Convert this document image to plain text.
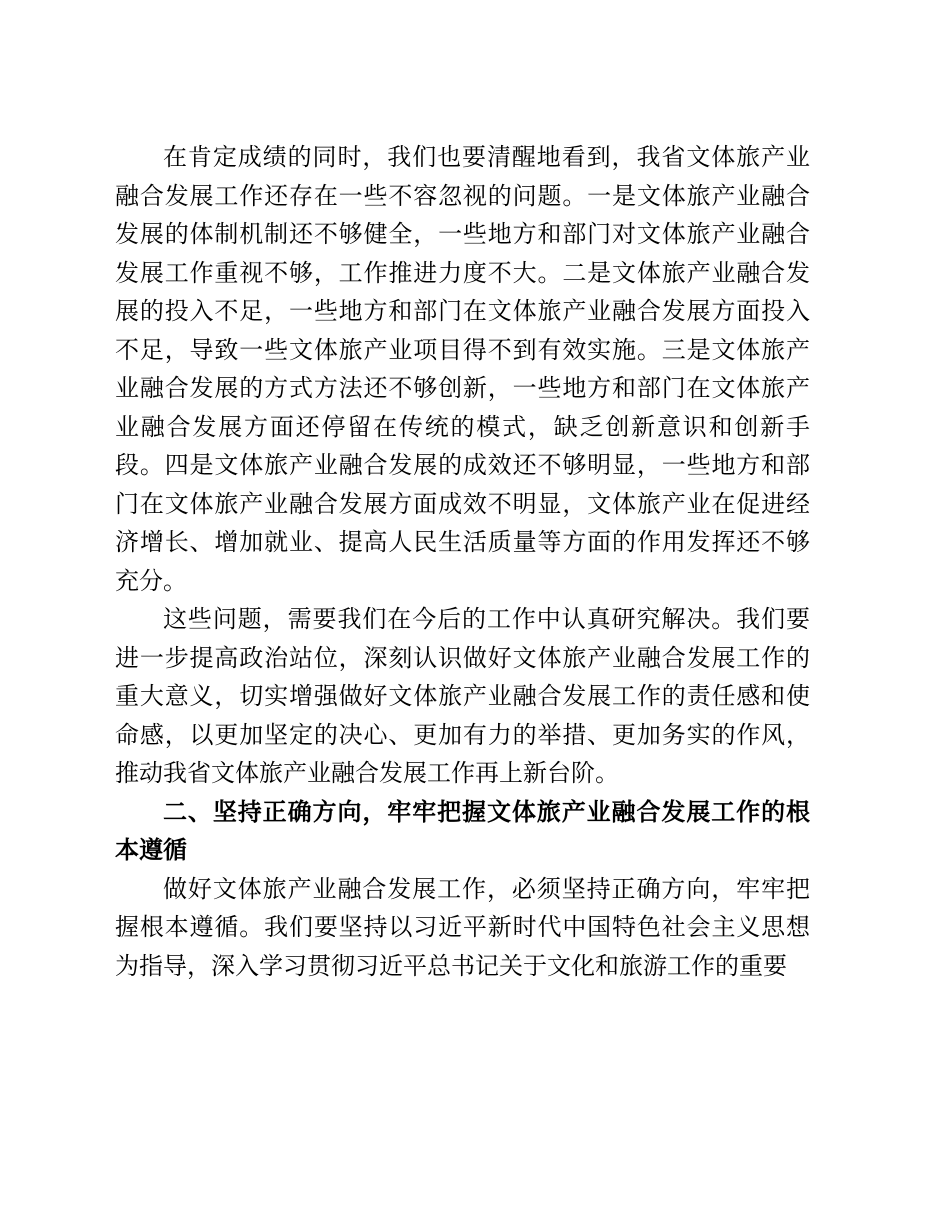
在肯定成绩的同时，我们也要清醒地看到，我省文体旅产业融合发展工作还存在一些不容忽视的问题。一是文体旅产业融合发展的体制机制还不够健全，一些地方和部门对文体旅产业融合发展工作重视不够，工作推进力度不大。二是文体旅产业融合发展的投入不足，一些地方和部门在文体旅产业融合发展方面投入不足，导致一些文体旅产业项目得不到有效实施。三是文体旅产业融合发展的方式方法还不够创新，一些地方和部门在文体旅产业融合发展方面还停留在传统的模式，缺乏创新意识和创新手段。四是文体旅产业融合发展的成效还不够明显，一些地方和部门在文体旅产业融合发展方面成效不明显，文体旅产业在促进经济增长、增加就业、提高人民生活质量等方面的作用发挥还不够充分。

这些问题，需要我们在今后的工作中认真研究解决。我们要进一步提高政治站位，深刻认识做好文体旅产业融合发展工作的重大意义，切实增强做好文体旅产业融合发展工作的责任感和使命感，以更加坚定的决心、更加有力的举措、更加务实的作风，推动我省文体旅产业融合发展工作再上新台阶。

二、坚持正确方向，牢牢把握文体旅产业融合发展工作的根本遵循

做好文体旅产业融合发展工作，必须坚持正确方向，牢牢把握根本遵循。我们要坚持以习近平新时代中国特色社会主义思想为指导，深入学习贯彻习近平总书记关于文化和旅游工作的重要
